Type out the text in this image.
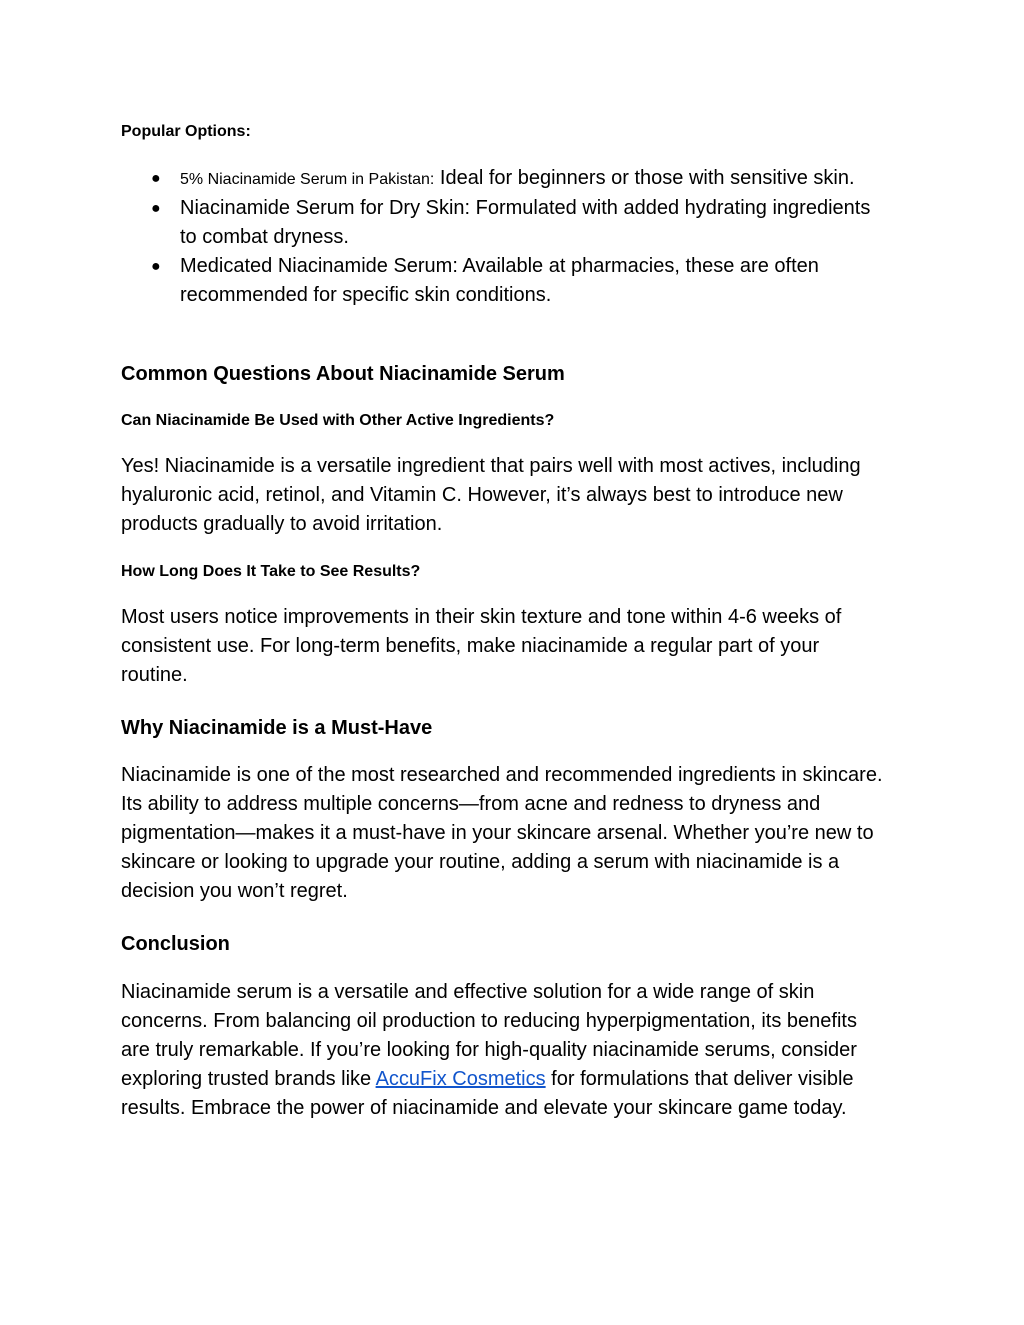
Popular Options:

● 5% Niacinamide Serum in Pakistan: Ideal for beginners or those with sensitive skin.
● Niacinamide Serum for Dry Skin: Formulated with added hydrating ingredients to combat dryness.
● Medicated Niacinamide Serum: Available at pharmacies, these are often recommended for specific skin conditions.
Common Questions About Niacinamide Serum

Can Niacinamide Be Used with Other Active Ingredients?

Yes! Niacinamide is a versatile ingredient that pairs well with most actives, including hyaluronic acid, retinol, and Vitamin C. However, it’s always best to introduce new products gradually to avoid irritation.

How Long Does It Take to See Results?

Most users notice improvements in their skin texture and tone within 4-6 weeks of consistent use. For long-term benefits, make niacinamide a regular part of your routine.

Why Niacinamide is a Must-Have

Niacinamide is one of the most researched and recommended ingredients in skincare. Its ability to address multiple concerns—from acne and redness to dryness and pigmentation—makes it a must-have in your skincare arsenal. Whether you’re new to skincare or looking to upgrade your routine, adding a serum with niacinamide is a decision you won’t regret.

Conclusion

Niacinamide serum is a versatile and effective solution for a wide range of skin concerns. From balancing oil production to reducing hyperpigmentation, its benefits are truly remarkable. If you’re looking for high-quality niacinamide serums, consider exploring trusted brands like AccuFix Cosmetics for formulations that deliver visible results. Embrace the power of niacinamide and elevate your skincare game today.
